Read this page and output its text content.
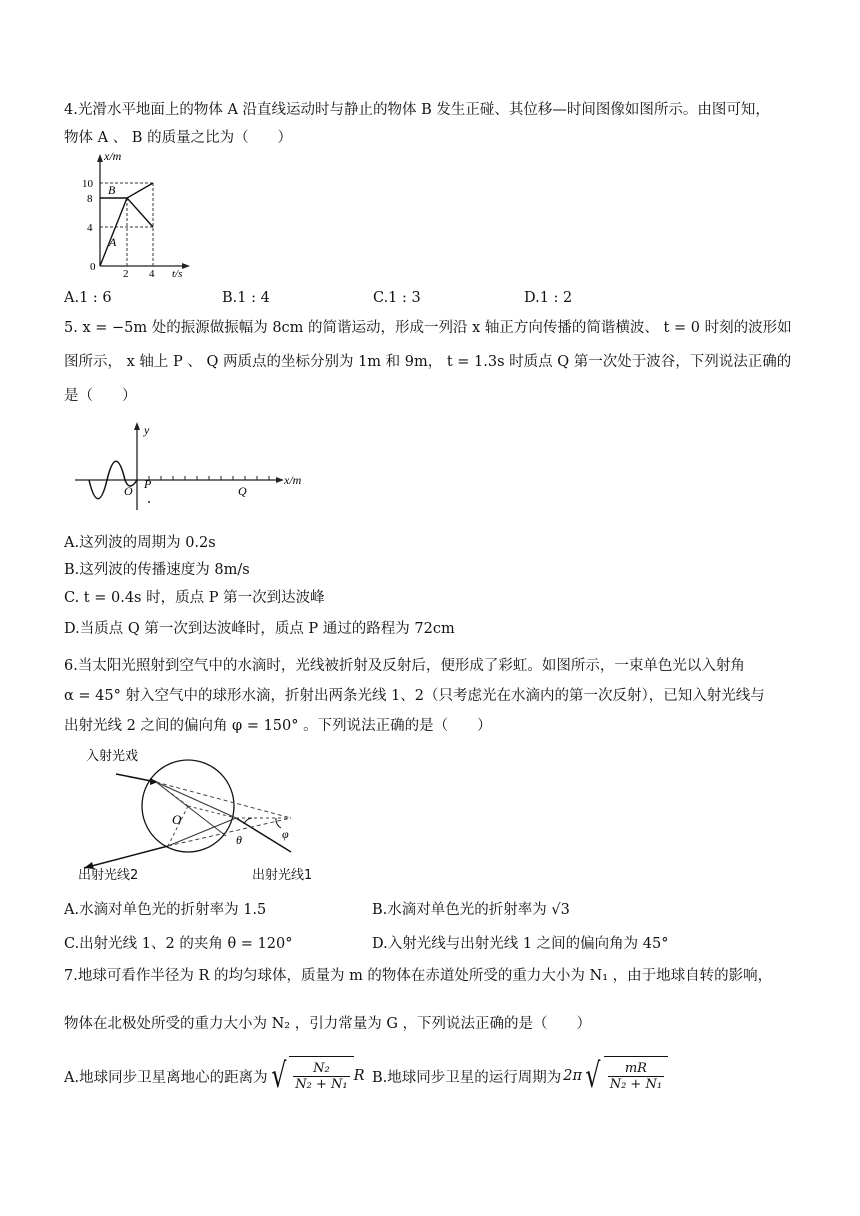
4.光滑水平地面上的物体 A 沿直线运动时与静止的物体 B 发生正碰、其位移—时间图像如图所示。由图可知，
物体 A 、 B 的质量之比为（　　）
x/m
10
8
4
0
2 4 t/s
B
A
A.1 : 6	B.1 : 4	C.1 : 3	D.1 : 2
5. x = −5m 处的振源做振幅为 8cm 的简谐运动，形成一列沿 x 轴正方向传播的简谐横波、 t = 0 时刻的波形如
图所示， x 轴上 P 、 Q 两质点的坐标分别为 1m 和 9m， t = 1.3s 时质点 Q 第一次处于波谷，下列说法正确的
是（　　）
y
x/m
O P	Q
A.这列波的周期为 0.2s
B.这列波的传播速度为 8m/s
C. t = 0.4s 时，质点 P 第一次到达波峰
D.当质点 Q 第一次到达波峰时，质点 P 通过的路程为 72cm
6.当太阳光照射到空气中的水滴时，光线被折射及反射后，便形成了彩虹。如图所示，一束单色光以入射角
α = 45° 射入空气中的球形水滴，折射出两条光线 1、2（只考虑光在水滴内的第一次反射），已知入射光线与
出射光线 2 之间的偏向角 φ = 150° 。下列说法正确的是（　　）
入射光戏
O
θ	φ
出射光线2	出射光线1
A.水滴对单色光的折射率为 1.5	B.水滴对单色光的折射率为 √3
C.出射光线 1、2 的夹角 θ = 120°	D.入射光线与出射光线 1 之间的偏向角为 45°
7.地球可看作半径为 R 的均匀球体，质量为 m 的物体在赤道处所受的重力大小为 N₁ ，由于地球自转的影响，
物体在北极处所受的重力大小为 N₂ ，引力常量为 G ，下列说法正确的是（　　）
A.地球同步卫星离地心的距离为 √ $\frac{\text{N₂}}{\text{N₂ + N₁}}$ R B.地球同步卫星的运行周期为 2π √ $\frac{mR}{\text{N₂ + N₁}}$
